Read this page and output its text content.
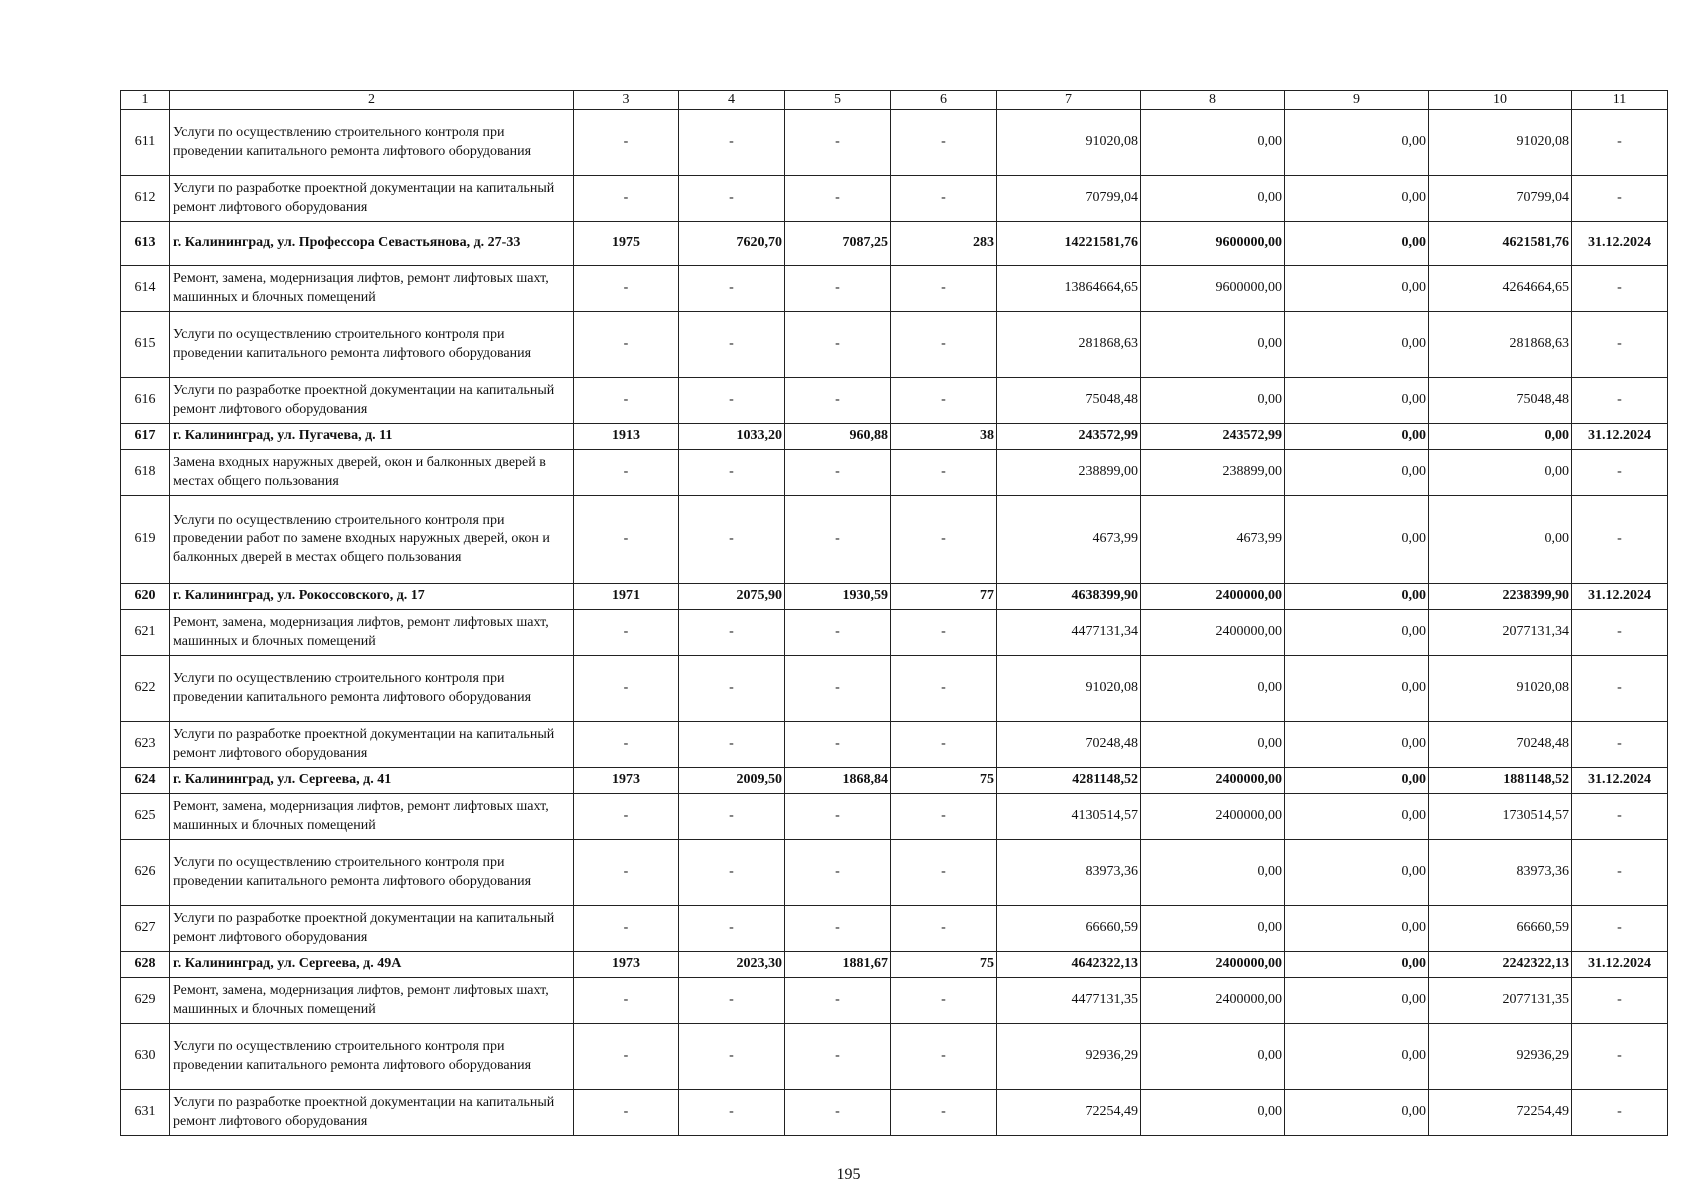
1	2	3	4	5	6	7	8	9	10	11
611	Услуги по осуществлению строительного контроля при проведении капитального ремонта лифтового оборудования	-	-	-	-	91020,08	0,00	0,00	91020,08	-
612	Услуги по разработке проектной документации на капитальный ремонт лифтового оборудования	-	-	-	-	70799,04	0,00	0,00	70799,04	-
613	г. Калининград, ул. Профессора Севастьянова, д. 27-33	1975	7620,70	7087,25	283	14221581,76	9600000,00	0,00	4621581,76	31.12.2024
614	Ремонт, замена, модернизация лифтов, ремонт лифтовых шахт, машинных и блочных помещений	-	-	-	-	13864664,65	9600000,00	0,00	4264664,65	-
615	Услуги по осуществлению строительного контроля при проведении капитального ремонта лифтового оборудования	-	-	-	-	281868,63	0,00	0,00	281868,63	-
616	Услуги по разработке проектной документации на капитальный ремонт лифтового оборудования	-	-	-	-	75048,48	0,00	0,00	75048,48	-
617	г. Калининград, ул. Пугачева, д. 11	1913	1033,20	960,88	38	243572,99	243572,99	0,00	0,00	31.12.2024
618	Замена входных наружных дверей, окон и балконных дверей в местах общего пользования	-	-	-	-	238899,00	238899,00	0,00	0,00	-
619	Услуги по осуществлению строительного контроля при проведении работ по замене входных наружных дверей, окон и балконных дверей в местах общего пользования	-	-	-	-	4673,99	4673,99	0,00	0,00	-
620	г. Калининград, ул. Рокоссовского, д. 17	1971	2075,90	1930,59	77	4638399,90	2400000,00	0,00	2238399,90	31.12.2024
621	Ремонт, замена, модернизация лифтов, ремонт лифтовых шахт, машинных и блочных помещений	-	-	-	-	4477131,34	2400000,00	0,00	2077131,34	-
622	Услуги по осуществлению строительного контроля при проведении капитального ремонта лифтового оборудования	-	-	-	-	91020,08	0,00	0,00	91020,08	-
623	Услуги по разработке проектной документации на капитальный ремонт лифтового оборудования	-	-	-	-	70248,48	0,00	0,00	70248,48	-
624	г. Калининград, ул. Сергеева, д. 41	1973	2009,50	1868,84	75	4281148,52	2400000,00	0,00	1881148,52	31.12.2024
625	Ремонт, замена, модернизация лифтов, ремонт лифтовых шахт, машинных и блочных помещений	-	-	-	-	4130514,57	2400000,00	0,00	1730514,57	-
626	Услуги по осуществлению строительного контроля при проведении капитального ремонта лифтового оборудования	-	-	-	-	83973,36	0,00	0,00	83973,36	-
627	Услуги по разработке проектной документации на капитальный ремонт лифтового оборудования	-	-	-	-	66660,59	0,00	0,00	66660,59	-
628	г. Калининград, ул. Сергеева, д. 49А	1973	2023,30	1881,67	75	4642322,13	2400000,00	0,00	2242322,13	31.12.2024
629	Ремонт, замена, модернизация лифтов, ремонт лифтовых шахт, машинных и блочных помещений	-	-	-	-	4477131,35	2400000,00	0,00	2077131,35	-
630	Услуги по осуществлению строительного контроля при проведении капитального ремонта лифтового оборудования	-	-	-	-	92936,29	0,00	0,00	92936,29	-
631	Услуги по разработке проектной документации на капитальный ремонт лифтового оборудования	-	-	-	-	72254,49	0,00	0,00	72254,49	-
195
